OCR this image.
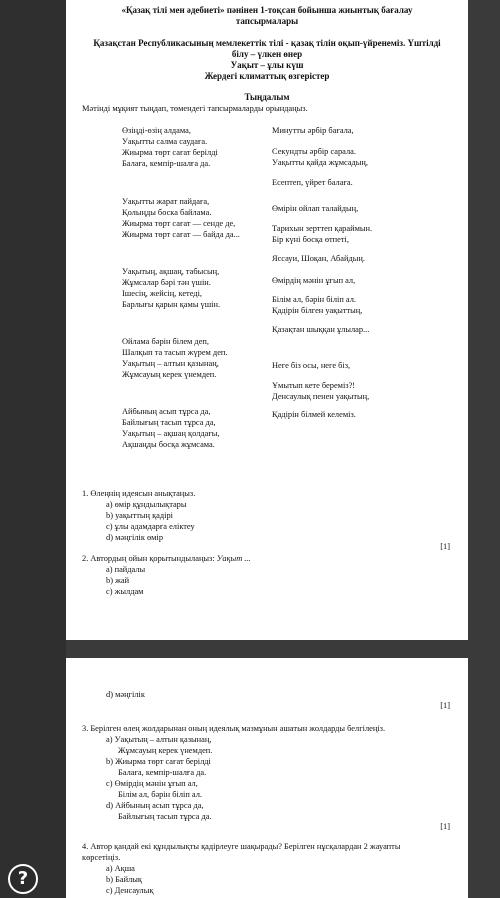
«Қазақ тілі мен әдебиеті» пәнінен 1-тоқсан бойынша жиынтық бағалау

тапсырмалары

Қазақстан Республикасының мемлекеттік тілі - қазақ тілін оқып-үйренеміз. Үштілді

білу – үлкен өнер

Уақыт – ұлы күш

Жердегі климаттық өзгерістер

Тыңдалым

Мәтінді мұқият тыңдап, төмендегі тапсырмаларды орындаңыз.

Өзіңді-өзің алдама,

Уақытты салма саудаға.

Жиырма төрт сағат берілді

Балаға, кемпір-шалға да.

Уақытты жарат пайдаға,

Қолыңды боска байлама.

Жиырма төрт сағат — сенде де,

Жиырма төрт сағат — байда да...

Уақытың, ақшаң, табысың,

Жұмсалар бәрі тән үшін.

Ішесің, жейсің, кетеді,

Барлығы қарын қамы үшін.

Ойлама бәрін білем деп,

Шалқып та тасып жүрем деп.

Уақытың – алтын қазынаң,

Жұмсауың керек үнемдеп.

Айбының асып тұрса да,

Байлығың тасып тұрса да,

Уақытың – ақшаң қолдағы,

Ақшаңды босқа жұмсама.

Минутты әрбір бағала,

Секундты әрбір сарала.

Уақытты қайда жұмсадың,

Есептеп, үйрет балаға.

Өмірін ойлап талайдың,

Тарихын зерттеп қараймын.

Бір күні босқа өтпеті,

Яссауи, Шоқан, Абайдың.

Өмірдің мәнін ұғып ал,

Білім ал, бәрін біліп ал.

Қадірін білген уақыттың,

Қазақтан шыққан ұлылар...

Неге біз осы, неге біз,

Ұмытып кете береміз?!

Денсаулық пенен уақытың,

Қадірін білмей келеміз.

1. Өлеңнің идеясын анықтаңыз.

a) өмір құндылықтары

b) уақыттың қадірі

c) ұлы адамдарға еліктеу

d) мәңгілік өмір

[1]

2. Автордың ойын қорытындылаңыз: Уақыт ...

a) пайдалы

b) жай

c) жылдам

d) мәңгілік

[1]

3. Берілген өлең жолдарынан оның идеялық мазмұнын ашатын жолдарды белгілеңіз.

a) Уақытың – алтын қазынаң,

Жұмсауың керек үнемдеп.

b) Жиырма төрт сағат берілді

Балаға, кемпір-шалға да.

c) Өмірдің мәнін ұғып ал,

Білім ал, бәрін біліп ал.

d) Айбының асып тұрса да,

Байлығың тасып тұрса да.

[1]

4. Автор қандай екі құндылықты қадірлеуге шақырады? Берілген нұсқалардан 2 жауапты

көрсетіңіз.

a) Ақша

b) Байлық

c) Денсаулық

?
